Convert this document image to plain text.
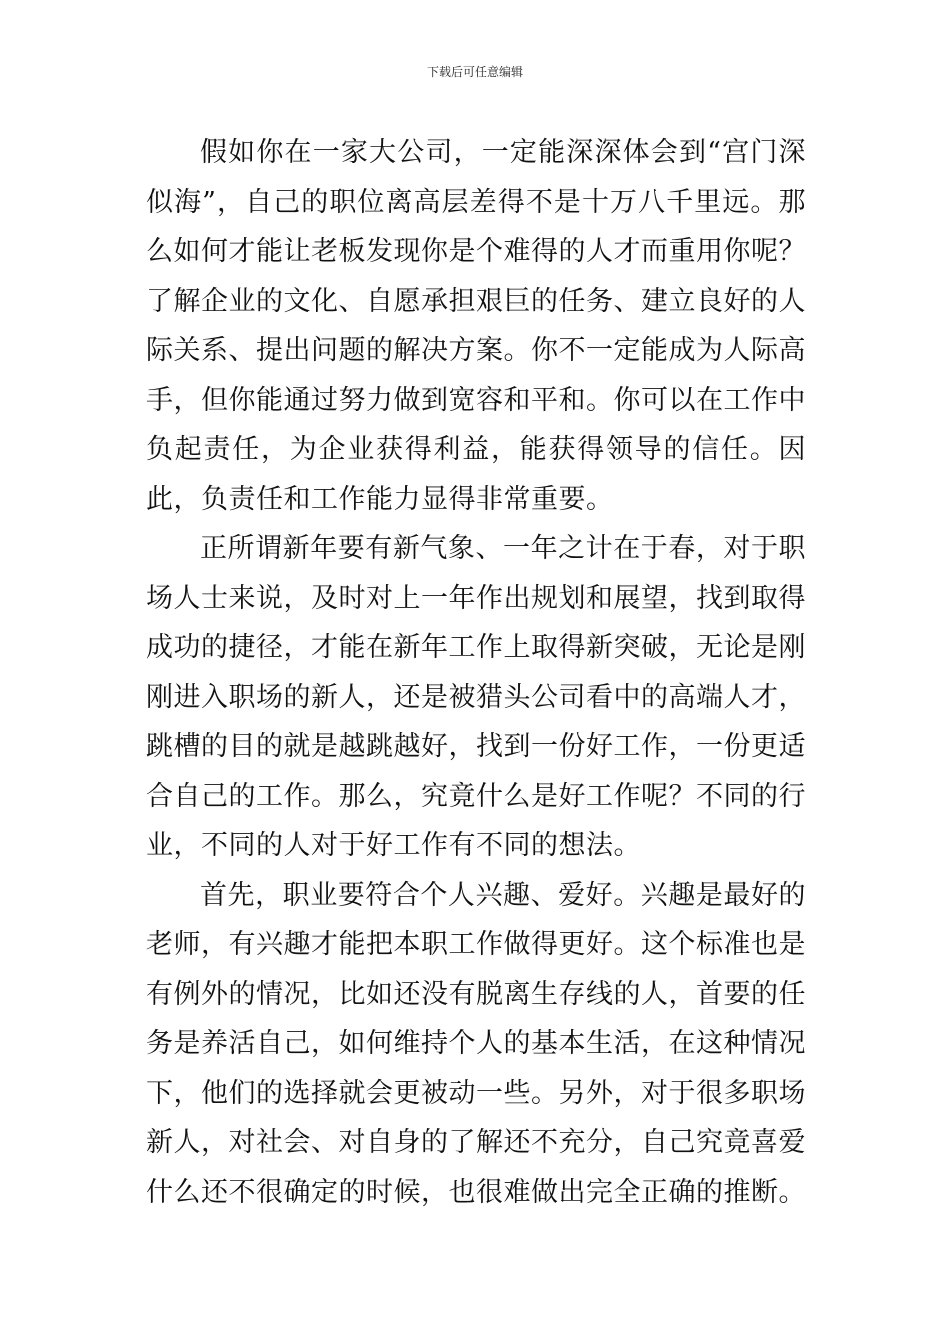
下载后可任意编辑

假如你在一家大公司，一定能深深体会到“宫门深似海”，自己的职位离高层差得不是十万八千里远。那么如何才能让老板发现你是个难得的人才而重用你呢？了解企业的文化、自愿承担艰巨的任务、建立良好的人际关系、提出问题的解决方案。你不一定能成为人际高手，但你能通过努力做到宽容和平和。你可以在工作中负起责任，为企业获得利益，能获得领导的信任。因此，负责任和工作能力显得非常重要。

正所谓新年要有新气象、一年之计在于春，对于职场人士来说，及时对上一年作出规划和展望，找到取得成功的捷径，才能在新年工作上取得新突破，无论是刚刚进入职场的新人，还是被猎头公司看中的高端人才，跳槽的目的就是越跳越好，找到一份好工作，一份更适合自己的工作。那么，究竟什么是好工作呢？不同的行业，不同的人对于好工作有不同的想法。

首先，职业要符合个人兴趣、爱好。兴趣是最好的老师，有兴趣才能把本职工作做得更好。这个标准也是有例外的情况，比如还没有脱离生存线的人，首要的任务是养活自己，如何维持个人的基本生活，在这种情况下，他们的选择就会更被动一些。另外，对于很多职场新人，对社会、对自身的了解还不充分，自己究竟喜爱什么还不很确定的时候，也很难做出完全正确的推断。
